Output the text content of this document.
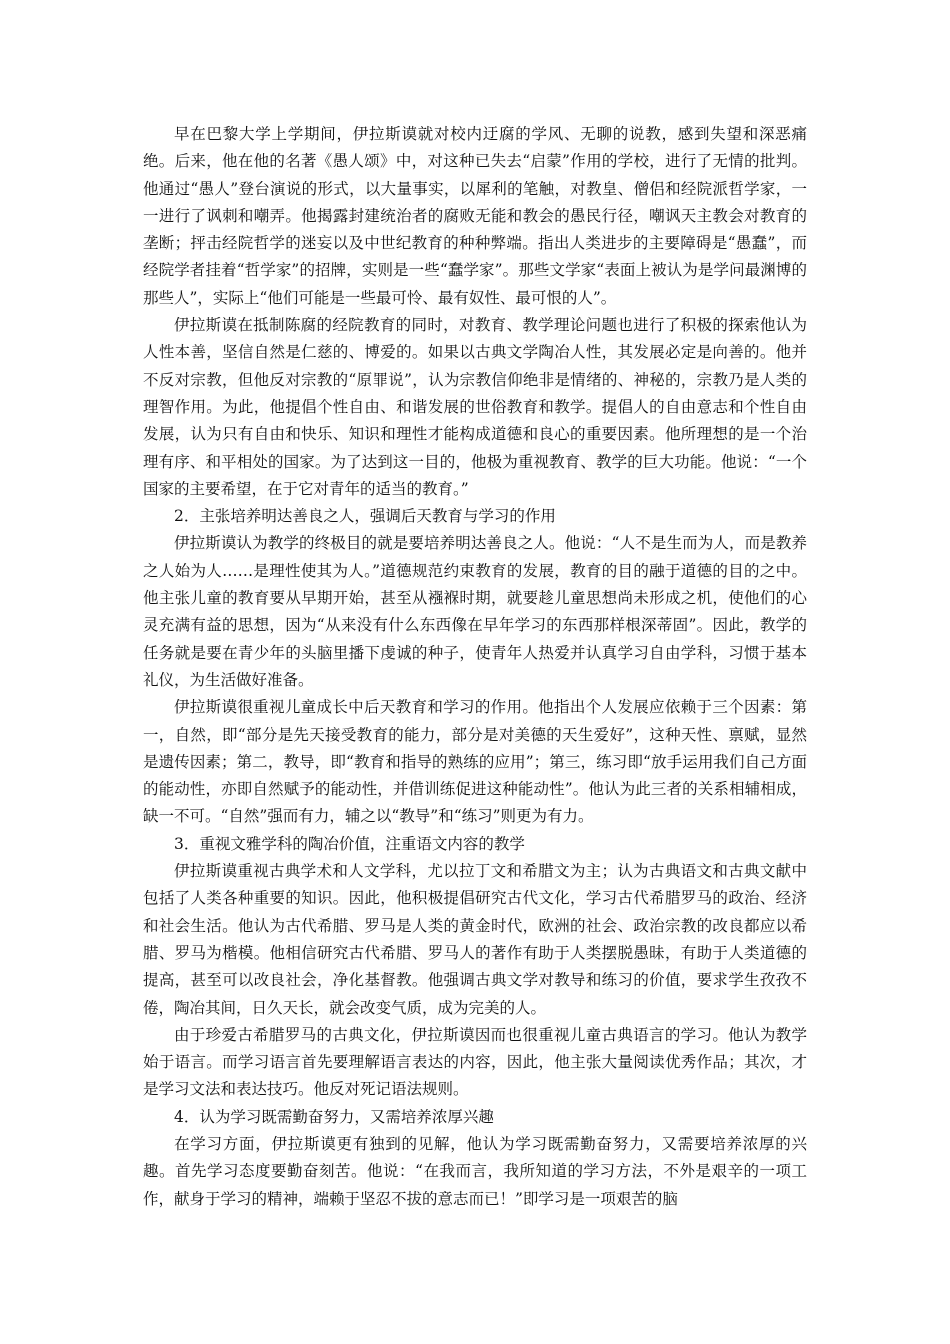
早在巴黎大学上学期间，伊拉斯谟就对校内迂腐的学风、无聊的说教，感到失望和深恶痛绝。后来，他在他的名著《愚人颂》中，对这种已失去“启蒙”作用的学校，进行了无情的批判。他通过“愚人”登台演说的形式，以大量事实，以犀利的笔触，对教皇、僧侣和经院派哲学家，一一进行了讽刺和嘲弄。他揭露封建统治者的腐败无能和教会的愚民行径，嘲讽天主教会对教育的垄断；抨击经院哲学的迷妄以及中世纪教育的种种弊端。指出人类进步的主要障碍是“愚蠢”，而经院学者挂着“哲学家”的招牌，实则是一些“蠢学家”。那些文学家“表面上被认为是学问最渊博的那些人”，实际上“他们可能是一些最可怜、最有奴性、最可恨的人”。

伊拉斯谟在抵制陈腐的经院教育的同时，对教育、教学理论问题也进行了积极的探索他认为人性本善，坚信自然是仁慈的、博爱的。如果以古典文学陶冶人性，其发展必定是向善的。他并不反对宗教，但他反对宗教的“原罪说”，认为宗教信仰绝非是情绪的、神秘的，宗教乃是人类的理智作用。为此，他提倡个性自由、和谐发展的世俗教育和教学。提倡人的自由意志和个性自由发展，认为只有自由和快乐、知识和理性才能构成道德和良心的重要因素。他所理想的是一个治理有序、和平相处的国家。为了达到这一目的，他极为重视教育、教学的巨大功能。他说：“一个国家的主要希望，在于它对青年的适当的教育。”

2．主张培养明达善良之人，强调后天教育与学习的作用

伊拉斯谟认为教学的终极目的就是要培养明达善良之人。他说：“人不是生而为人，而是教养之人始为人……是理性使其为人。”道德规范约束教育的发展，教育的目的融于道德的目的之中。他主张儿童的教育要从早期开始，甚至从襁褓时期，就要趁儿童思想尚未形成之机，使他们的心灵充满有益的思想，因为“从来没有什么东西像在早年学习的东西那样根深蒂固”。因此，教学的任务就是要在青少年的头脑里播下虔诚的种子，使青年人热爱并认真学习自由学科，习惯于基本礼仪，为生活做好准备。

伊拉斯谟很重视儿童成长中后天教育和学习的作用。他指出个人发展应依赖于三个因素：第一，自然，即“部分是先天接受教育的能力，部分是对美德的天生爱好”，这种天性、禀赋，显然是遗传因素；第二，教导，即“教育和指导的熟练的应用”；第三，练习即“放手运用我们自己方面的能动性，亦即自然赋予的能动性，并借训练促进这种能动性”。他认为此三者的关系相辅相成，缺一不可。“自然”强而有力，辅之以“教导”和“练习”则更为有力。

3．重视文雅学科的陶冶价值，注重语文内容的教学

伊拉斯谟重视古典学术和人文学科，尤以拉丁文和希腊文为主；认为古典语文和古典文献中包括了人类各种重要的知识。因此，他积极提倡研究古代文化，学习古代希腊罗马的政治、经济和社会生活。他认为古代希腊、罗马是人类的黄金时代，欧洲的社会、政治宗教的改良都应以希腊、罗马为楷模。他相信研究古代希腊、罗马人的著作有助于人类摆脱愚昧，有助于人类道德的提高，甚至可以改良社会，净化基督教。他强调古典文学对教导和练习的价值，要求学生孜孜不倦，陶冶其间，日久天长，就会改变气质，成为完美的人。

由于珍爱古希腊罗马的古典文化，伊拉斯谟因而也很重视儿童古典语言的学习。他认为教学始于语言。而学习语言首先要理解语言表达的内容，因此，他主张大量阅读优秀作品；其次，才是学习文法和表达技巧。他反对死记语法规则。

4．认为学习既需勤奋努力，又需培养浓厚兴趣

在学习方面，伊拉斯谟更有独到的见解，他认为学习既需勤奋努力，又需要培养浓厚的兴趣。首先学习态度要勤奋刻苦。他说：“在我而言，我所知道的学习方法，不外是艰辛的一项工作，献身于学习的精神，端赖于坚忍不拔的意志而已！”即学习是一项艰苦的脑
